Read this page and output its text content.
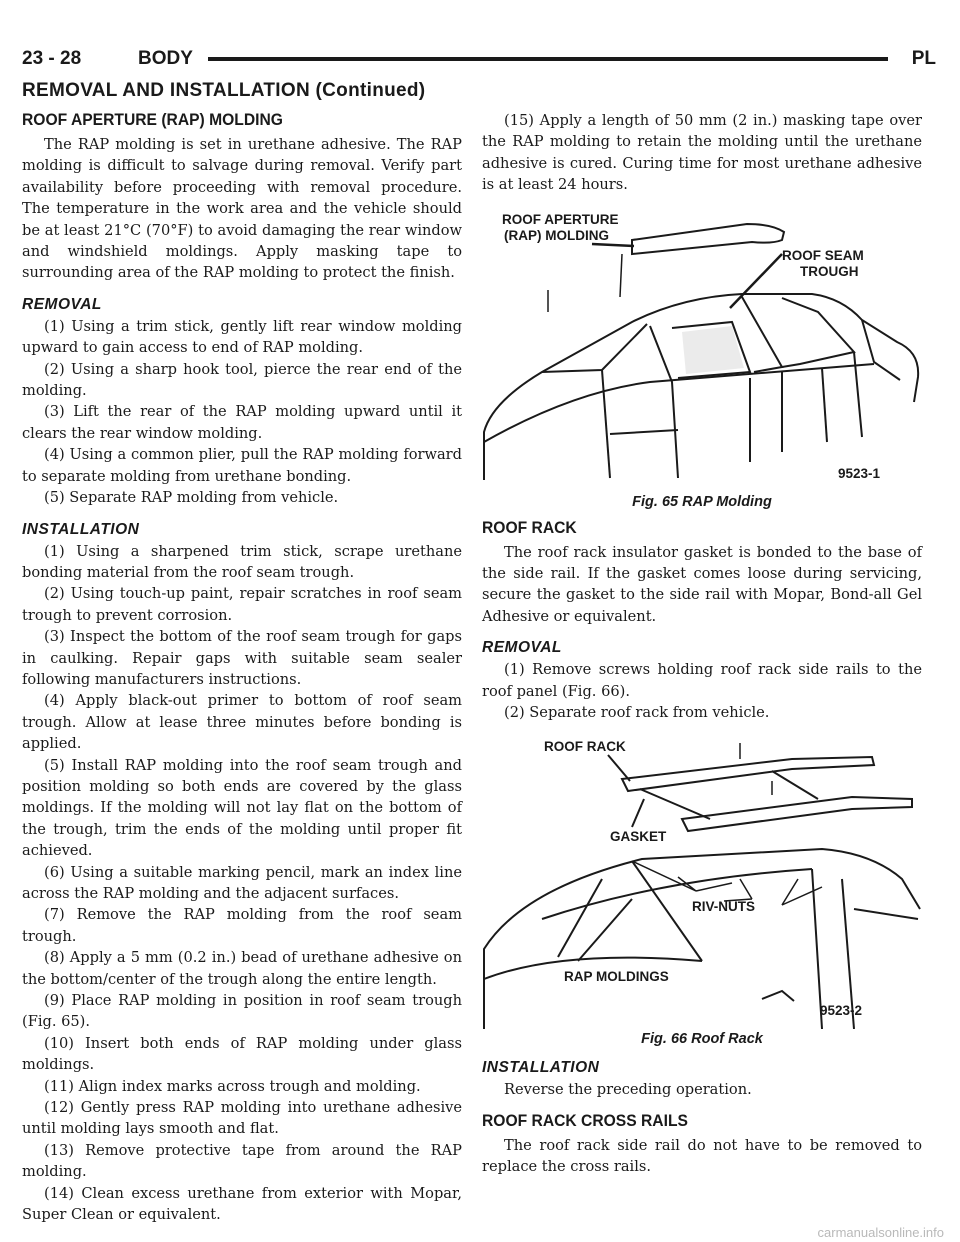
23 - 28	BODY	PL
REMOVAL AND INSTALLATION (Continued)
ROOF APERTURE (RAP) MOLDING

The RAP molding is set in urethane adhesive. The RAP molding is difficult to salvage during removal. Verify part availability before proceeding with removal procedure. The temperature in the work area and the vehicle should be at least 21°C (70°F) to avoid damaging the rear window and windshield moldings. Apply masking tape to surrounding area of the RAP molding to protect the finish.

REMOVAL

(1) Using a trim stick, gently lift rear window molding upward to gain access to end of RAP molding.

(2) Using a sharp hook tool, pierce the rear end of the molding.

(3) Lift the rear of the RAP molding upward until it clears the rear window molding.

(4) Using a common plier, pull the RAP molding forward to separate molding from urethane bonding.

(5) Separate RAP molding from vehicle.

INSTALLATION

(1) Using a sharpened trim stick, scrape urethane bonding material from the roof seam trough.

(2) Using touch-up paint, repair scratches in roof seam trough to prevent corrosion.

(3) Inspect the bottom of the roof seam trough for gaps in caulking. Repair gaps with suitable seam sealer following manufacturers instructions.

(4) Apply black-out primer to bottom of roof seam trough. Allow at lease three minutes before bonding is applied.

(5) Install RAP molding into the roof seam trough and position molding so both ends are covered by the glass moldings. If the molding will not lay flat on the bottom of the trough, trim the ends of the molding until proper fit achieved.

(6) Using a suitable marking pencil, mark an index line across the RAP molding and the adjacent surfaces.

(7) Remove the RAP molding from the roof seam trough.

(8) Apply a 5 mm (0.2 in.) bead of urethane adhesive on the bottom/center of the trough along the entire length.

(9) Place RAP molding in position in roof seam trough (Fig. 65).

(10) Insert both ends of RAP molding under glass moldings.

(11) Align index marks across trough and molding.

(12) Gently press RAP molding into urethane adhesive until molding lays smooth and flat.

(13) Remove protective tape from around the RAP molding.

(14) Clean excess urethane from exterior with Mopar, Super Clean or equivalent.

(15) Apply a length of 50 mm (2 in.) masking tape over the RAP molding to retain the molding until the urethane adhesive is cured. Curing time for most urethane adhesive is at least 24 hours.

ROOF APERTURE
(RAP) MOLDING
ROOF SEAM
TROUGH
9523-1
Fig. 65 RAP Molding
ROOF RACK

The roof rack insulator gasket is bonded to the base of the side rail. If the gasket comes loose during servicing, secure the gasket to the side rail with Mopar, Bond-all Gel Adhesive or equivalent.

REMOVAL

(1) Remove screws holding roof rack side rails to the roof panel (Fig. 66).

(2) Separate roof rack from vehicle.

ROOF RACK
GASKET
RIV-NUTS
RAP MOLDINGS
9523-2
Fig. 66 Roof Rack
INSTALLATION

Reverse the preceding operation.

ROOF RACK CROSS RAILS

The roof rack side rail do not have to be removed to replace the cross rails.

carmanualsonline.info
